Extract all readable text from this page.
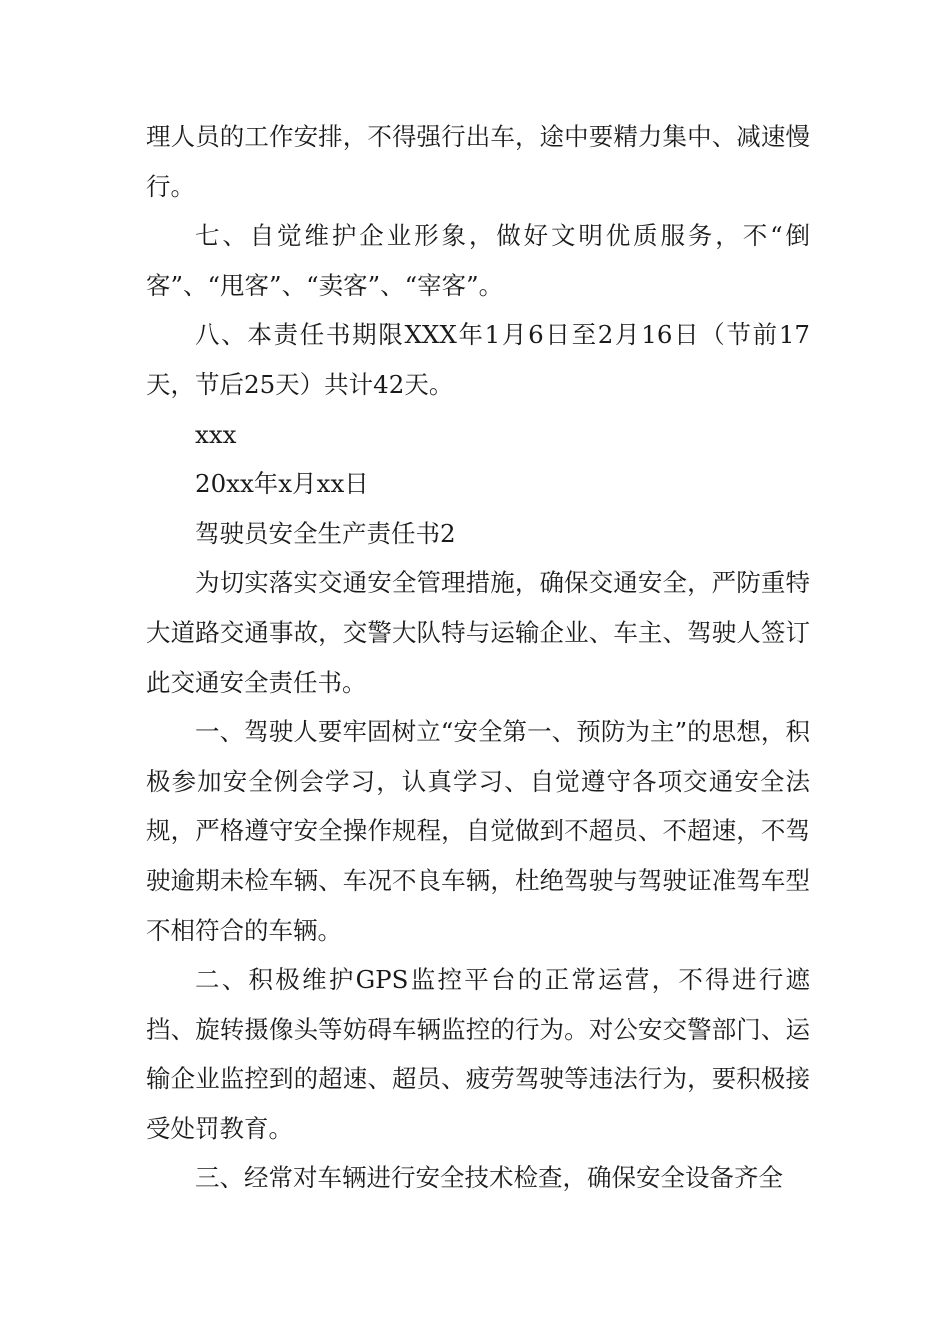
理人员的工作安排，不得强行出车，途中要精力集中、减速慢行。

七、自觉维护企业形象，做好文明优质服务，不“倒客”、“甩客”、“卖客”、“宰客”。

八、本责任书期限XXX年1月6日至2月16日（节前17天，节后25天）共计42天。

xxx

20xx年x月xx日

驾驶员安全生产责任书2

为切实落实交通安全管理措施，确保交通安全，严防重特大道路交通事故，交警大队特与运输企业、车主、驾驶人签订此交通安全责任书。

一、驾驶人要牢固树立“安全第一、预防为主”的思想，积极参加安全例会学习，认真学习、自觉遵守各项交通安全法规，严格遵守安全操作规程，自觉做到不超员、不超速，不驾驶逾期未检车辆、车况不良车辆，杜绝驾驶与驾驶证准驾车型不相符合的车辆。

二、积极维护GPS监控平台的正常运营，不得进行遮挡、旋转摄像头等妨碍车辆监控的行为。对公安交警部门、运输企业监控到的超速、超员、疲劳驾驶等违法行为，要积极接受处罚教育。

三、经常对车辆进行安全技术检查，确保安全设备齐全
